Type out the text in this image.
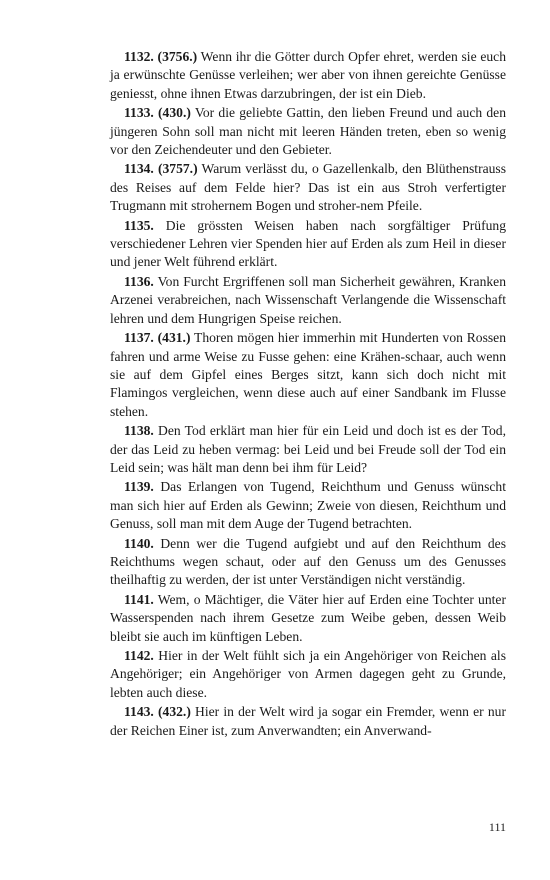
1132. (3756.) Wenn ihr die Götter durch Opfer ehret, werden sie euch ja erwünschte Genüsse verleihen; wer aber von ihnen gereichte Genüsse geniesst, ohne ihnen Etwas darzubringen, der ist ein Dieb.

1133. (430.) Vor die geliebte Gattin, den lieben Freund und auch den jüngeren Sohn soll man nicht mit leeren Händen treten, eben so wenig vor den Zeichendeuter und den Gebieter.

1134. (3757.) Warum verlässt du, o Gazellenkalb, den Blüthenstrauss des Reises auf dem Felde hier? Das ist ein aus Stroh verfertigter Trugmann mit strohernem Bogen und stroher-nem Pfeile.

1135. Die grössten Weisen haben nach sorgfältiger Prüfung verschiedener Lehren vier Spenden hier auf Erden als zum Heil in dieser und jener Welt führend erklärt.

1136. Von Furcht Ergriffenen soll man Sicherheit gewähren, Kranken Arzenei verabreichen, nach Wissenschaft Verlangende die Wissenschaft lehren und dem Hungrigen Speise reichen.

1137. (431.) Thoren mögen hier immerhin mit Hunderten von Rossen fahren und arme Weise zu Fusse gehen: eine Krähen-schaar, auch wenn sie auf dem Gipfel eines Berges sitzt, kann sich doch nicht mit Flamingos vergleichen, wenn diese auch auf einer Sandbank im Flusse stehen.

1138. Den Tod erklärt man hier für ein Leid und doch ist es der Tod, der das Leid zu heben vermag: bei Leid und bei Freude soll der Tod ein Leid sein; was hält man denn bei ihm für Leid?

1139. Das Erlangen von Tugend, Reichthum und Genuss wünscht man sich hier auf Erden als Gewinn; Zweie von diesen, Reichthum und Genuss, soll man mit dem Auge der Tugend betrachten.

1140. Denn wer die Tugend aufgiebt und auf den Reichthum des Reichthums wegen schaut, oder auf den Genuss um des Genusses theilhaftig zu werden, der ist unter Verständigen nicht verständig.

1141. Wem, o Mächtiger, die Väter hier auf Erden eine Tochter unter Wasserspenden nach ihrem Gesetze zum Weibe geben, dessen Weib bleibt sie auch im künftigen Leben.

1142. Hier in der Welt fühlt sich ja ein Angehöriger von Reichen als Angehöriger; ein Angehöriger von Armen dagegen geht zu Grunde, lebten auch diese.

1143. (432.) Hier in der Welt wird ja sogar ein Fremder, wenn er nur der Reichen Einer ist, zum Anverwandten; ein Anverwand-

111
